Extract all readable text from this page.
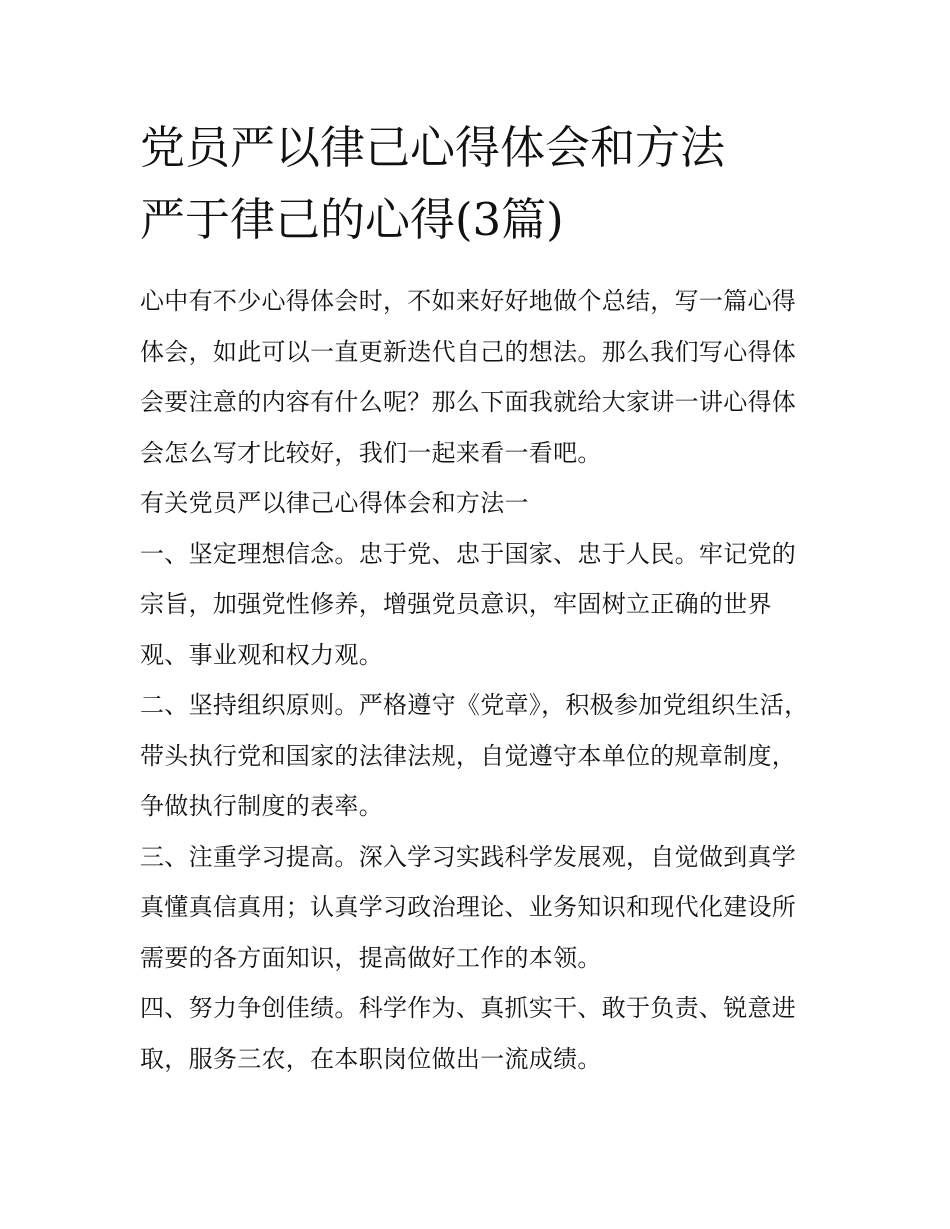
党员严以律己心得体会和方法
严于律己的心得(3篇)

心中有不少心得体会时，不如来好好地做个总结，写一篇心得体会，如此可以一直更新迭代自己的想法。那么我们写心得体会要注意的内容有什么呢？那么下面我就给大家讲一讲心得体会怎么写才比较好，我们一起来看一看吧。

有关党员严以律己心得体会和方法一

一、坚定理想信念。忠于党、忠于国家、忠于人民。牢记党的宗旨，加强党性修养，增强党员意识，牢固树立正确的世界观、事业观和权力观。

二、坚持组织原则。严格遵守《党章》，积极参加党组织生活，带头执行党和国家的法律法规，自觉遵守本单位的规章制度，争做执行制度的表率。

三、注重学习提高。深入学习实践科学发展观，自觉做到真学真懂真信真用；认真学习政治理论、业务知识和现代化建设所需要的各方面知识，提高做好工作的本领。

四、努力争创佳绩。科学作为、真抓实干、敢于负责、锐意进取，服务三农，在本职岗位做出一流成绩。
